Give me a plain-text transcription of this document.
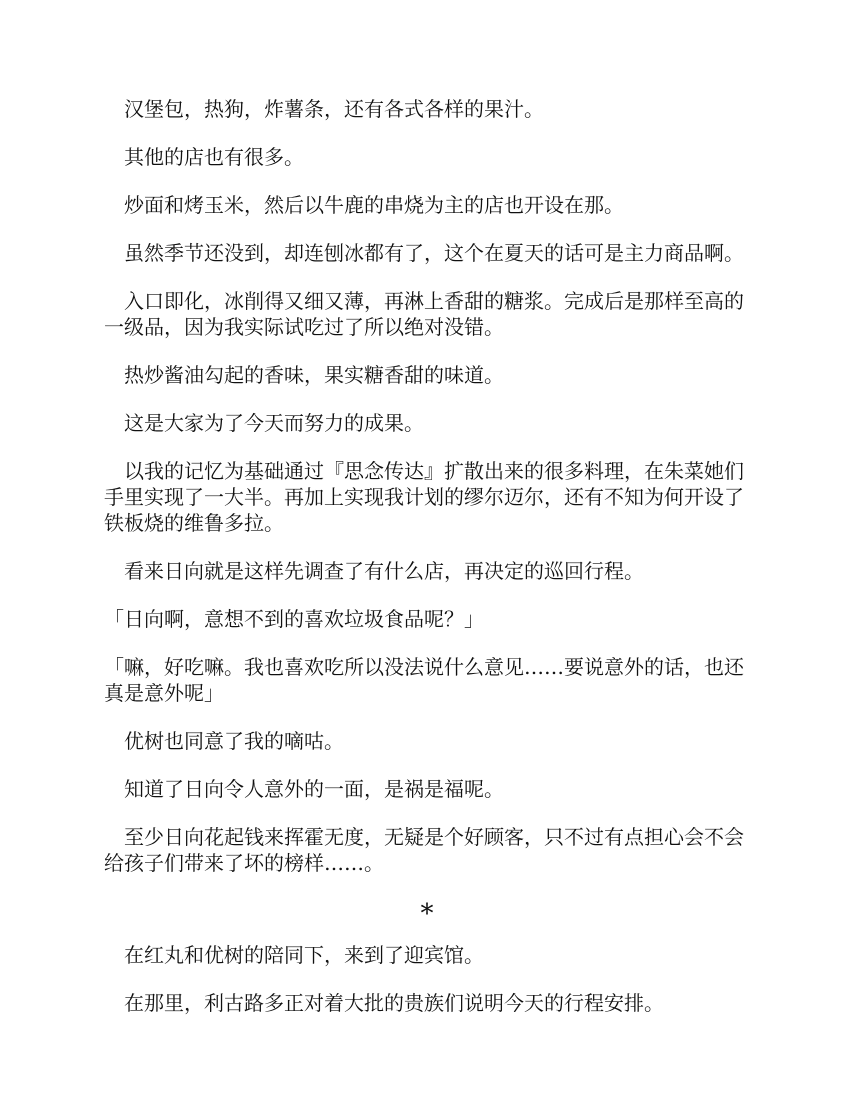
汉堡包，热狗，炸薯条，还有各式各样的果汁。

其他的店也有很多。

炒面和烤玉米，然后以牛鹿的串烧为主的店也开设在那。

虽然季节还没到，却连刨冰都有了，这个在夏天的话可是主力商品啊。

入口即化，冰削得又细又薄，再淋上香甜的糖浆。完成后是那样至高的一级品，因为我实际试吃过了所以绝对没错。

热炒酱油勾起的香味，果实糖香甜的味道。

这是大家为了今天而努力的成果。

以我的记忆为基础通过『思念传达』扩散出来的很多料理，在朱菜她们手里实现了一大半。再加上实现我计划的缪尔迈尔，还有不知为何开设了铁板烧的维鲁多拉。

看来日向就是这样先调查了有什么店，再决定的巡回行程。

「日向啊，意想不到的喜欢垃圾食品呢？」

「嘛，好吃嘛。我也喜欢吃所以没法说什么意见……要说意外的话，也还真是意外呢」

优树也同意了我的嘀咕。

知道了日向令人意外的一面，是祸是福呢。

至少日向花起钱来挥霍无度，无疑是个好顾客，只不过有点担心会不会给孩子们带来了坏的榜样……。

*

在红丸和优树的陪同下，来到了迎宾馆。

在那里，利古路多正对着大批的贵族们说明今天的行程安排。
